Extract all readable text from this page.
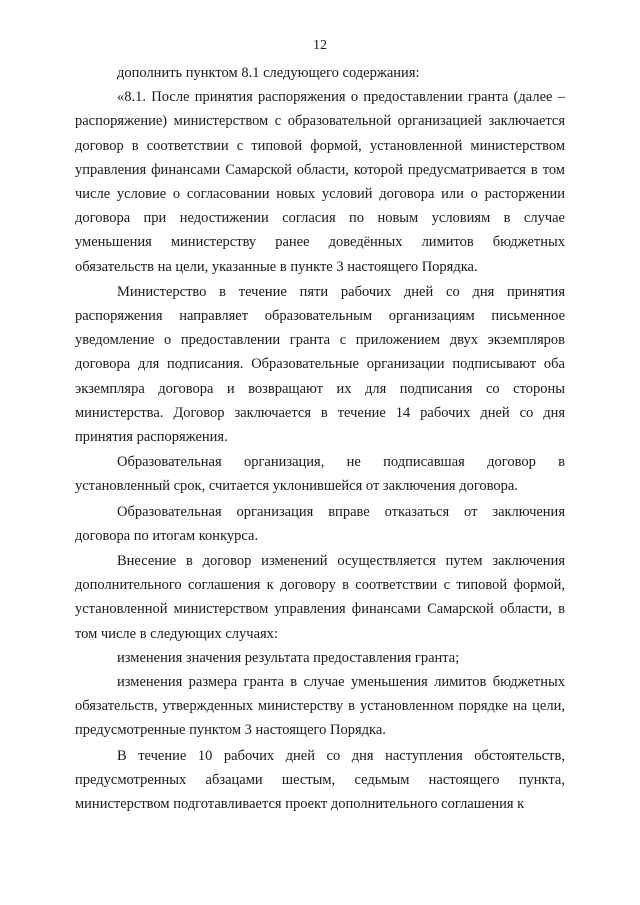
12

дополнить пунктом 8.1 следующего содержания:

«8.1. После принятия распоряжения о предоставлении гранта (далее – распоряжение) министерством с образовательной организацией заключается договор в соответствии с типовой формой, установленной министерством управления финансами Самарской области, которой предусматривается в том числе условие о согласовании новых условий договора или о расторжении договора при недостижении согласия по новым условиям в случае уменьшения министерству ранее доведённых лимитов бюджетных обязательств на цели, указанные в пункте 3 настоящего Порядка.

Министерство в течение пяти рабочих дней со дня принятия распоряжения направляет образовательным организациям письменное уведомление о предоставлении гранта с приложением двух экземпляров договора для подписания. Образовательные организации подписывают оба экземпляра договора и возвращают их для подписания со стороны министерства. Договор заключается в течение 14 рабочих дней со дня принятия распоряжения.

Образовательная организация, не подписавшая договор в установленный срок, считается уклонившейся от заключения договора.

Образовательная организация вправе отказаться от заключения договора по итогам конкурса.

Внесение в договор изменений осуществляется путем заключения дополнительного соглашения к договору в соответствии с типовой формой, установленной министерством управления финансами Самарской области, в том числе в следующих случаях:

изменения значения результата предоставления гранта;

изменения размера гранта в случае уменьшения лимитов бюджетных обязательств, утвержденных министерству в установленном порядке на цели, предусмотренные пунктом 3 настоящего Порядка.

В течение 10 рабочих дней со дня наступления обстоятельств, предусмотренных абзацами шестым, седьмым настоящего пункта, министерством подготавливается проект дополнительного соглашения к
